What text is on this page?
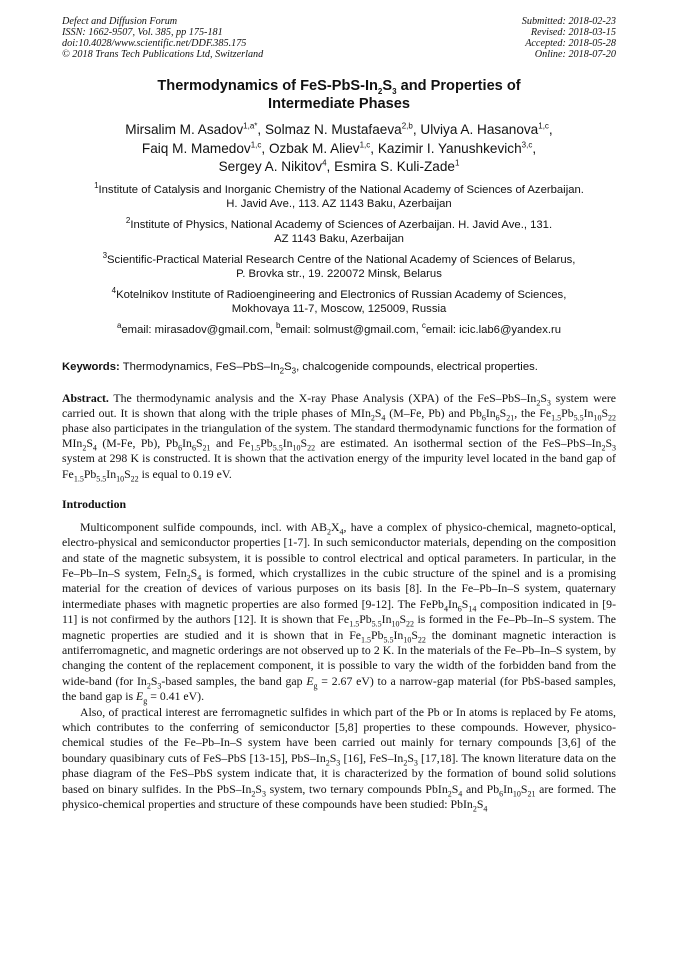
Defect and Diffusion Forum
ISSN: 1662-9507, Vol. 385, pp 175-181
doi:10.4028/www.scientific.net/DDF.385.175
© 2018 Trans Tech Publications Ltd, Switzerland
Submitted: 2018-02-23
Revised: 2018-03-15
Accepted: 2018-05-28
Online: 2018-07-20
Thermodynamics of FeS-$PbS-In_2S_3$ and Properties of
Intermediate Phases
Mirsalim M. Asadov$^{1,a*}$, Solmaz N. Mustafaeva$^{2,b}$, Ulviya A. Hasanova$^{1,c}$,
Faiq M. Mamedov$^{1,c}$, Ozbak M. Aliev$^{1,c}$, Kazimir I. Yanushkevich$^{3,c}$,
Sergey A. Nikitov$^4$, Esmira S. Kuli-Zade$^1$
$^1$Institute of Catalysis and Inorganic Chemistry of the National Academy of Sciences of Azerbaijan.
H. Javid Ave., 113. AZ 1143 Baku, Azerbaijan
$^2$Institute of Physics, National Academy of Sciences of Azerbaijan. H. Javid Ave., 131.
AZ 1143 Baku, Azerbaijan
$^3$Scientific-Practical Material Research Centre of the National Academy of Sciences of Belarus,
P. Brovka str., 19. 220072 Minsk, Belarus
$^4$Kotelnikov Institute of Radioengineering and Electronics of Russian Academy of Sciences,
Mokhovaya 11-7, Moscow, 125009, Russia
$^a$email: mirasadov@gmail.com, $^b$email: solmust@gmail.com, $^c$email: icic.lab6@yandex.ru
Keywords: Thermodynamics, FeS–$PbS-In_2S_3$, chalcogenide compounds, electrical properties.
Abstract. The thermodynamic analysis and the X-ray Phase Analysis (XPA) of the FeS–$PbS-In_2S_3$ system were carried out. It is shown that along with the triple phases of $MIn_2S_4$ (M–Fe, Pb) and $Pb_6In_6S_{21}$, the $Fe_{1.5}Pb_{5.5}In_{10}S_{22}$ phase also participates in the triangulation of the system. The standard thermodynamic functions for the formation of $MIn_2S_4$ (M-Fe, Pb), $Pb_6In_6S_{21}$ and $Fe_{1.5}Pb_{5.5}In_{10}S_{22}$ are estimated. An isothermal section of the FeS–$PbS-In_2S_3$ system at 298 K is constructed. It is shown that the activation energy of the impurity level located in the band gap of $Fe_{1.5}Pb_{5.5}In_{10}S_{22}$ is equal to 0.19 eV.
Introduction
Multicomponent sulfide compounds, incl. with $AB_2X_4$, have a complex of physico-chemical, magneto-optical, electro-physical and semiconductor properties [1-7]. In such semiconductor materials, depending on the composition and state of the magnetic subsystem, it is possible to control electrical and optical parameters. In particular, in the Fe–Pb–In–S system, $FeIn_2S_4$ is formed, which crystallizes in the cubic structure of the spinel and is a promising material for the creation of devices of various purposes on its basis [8]. In the Fe–Pb–In–S system, quaternary intermediate phases with magnetic properties are also formed [9-12]. The $FePb_4In_6S_{14}$ composition indicated in [9-11] is not confirmed by the authors [12]. It is shown that $Fe_{1.5}Pb_{5.5}In_{10}S_{22}$ is formed in the Fe–Pb–In–S system. The magnetic properties are studied and it is shown that in $Fe_{1.5}Pb_{5.5}In_{10}S_{22}$ the dominant magnetic interaction is antiferromagnetic, and magnetic orderings are not observed up to 2 K. In the materials of the Fe–Pb–In–S system, by changing the content of the replacement component, it is possible to vary the width of the forbidden band from the wide-band (for $In_2S_3$-based samples, the band gap $E_g = 2.67$ eV) to a narrow-gap material (for PbS-based samples, the band gap is $E_g = 0.41$ eV).
Also, of practical interest are ferromagnetic sulfides in which part of the Pb or In atoms is replaced by Fe atoms, which contributes to the conferring of semiconductor [5,8] properties to these compounds. However, physico-chemical studies of the Fe–Pb–In–S system have been carried out mainly for ternary compounds [3,6] of the boundary quasibinary cuts of FeS–PbS [13-15], PbS–$In_2S_3$ [16], FeS–$In_2S_3$ [17,18]. The known literature data on the phase diagram of the FeS–PbS system indicate that, it is characterized by the formation of bound solid solutions based on binary sulfides. In the PbS–$In_2S_3$ system, two ternary compounds $PbIn_2S_4$ and $Pb_6In_{10}S_{21}$ are formed. The physico-chemical properties and structure of these compounds have been studied: $PbIn_2S_4$
